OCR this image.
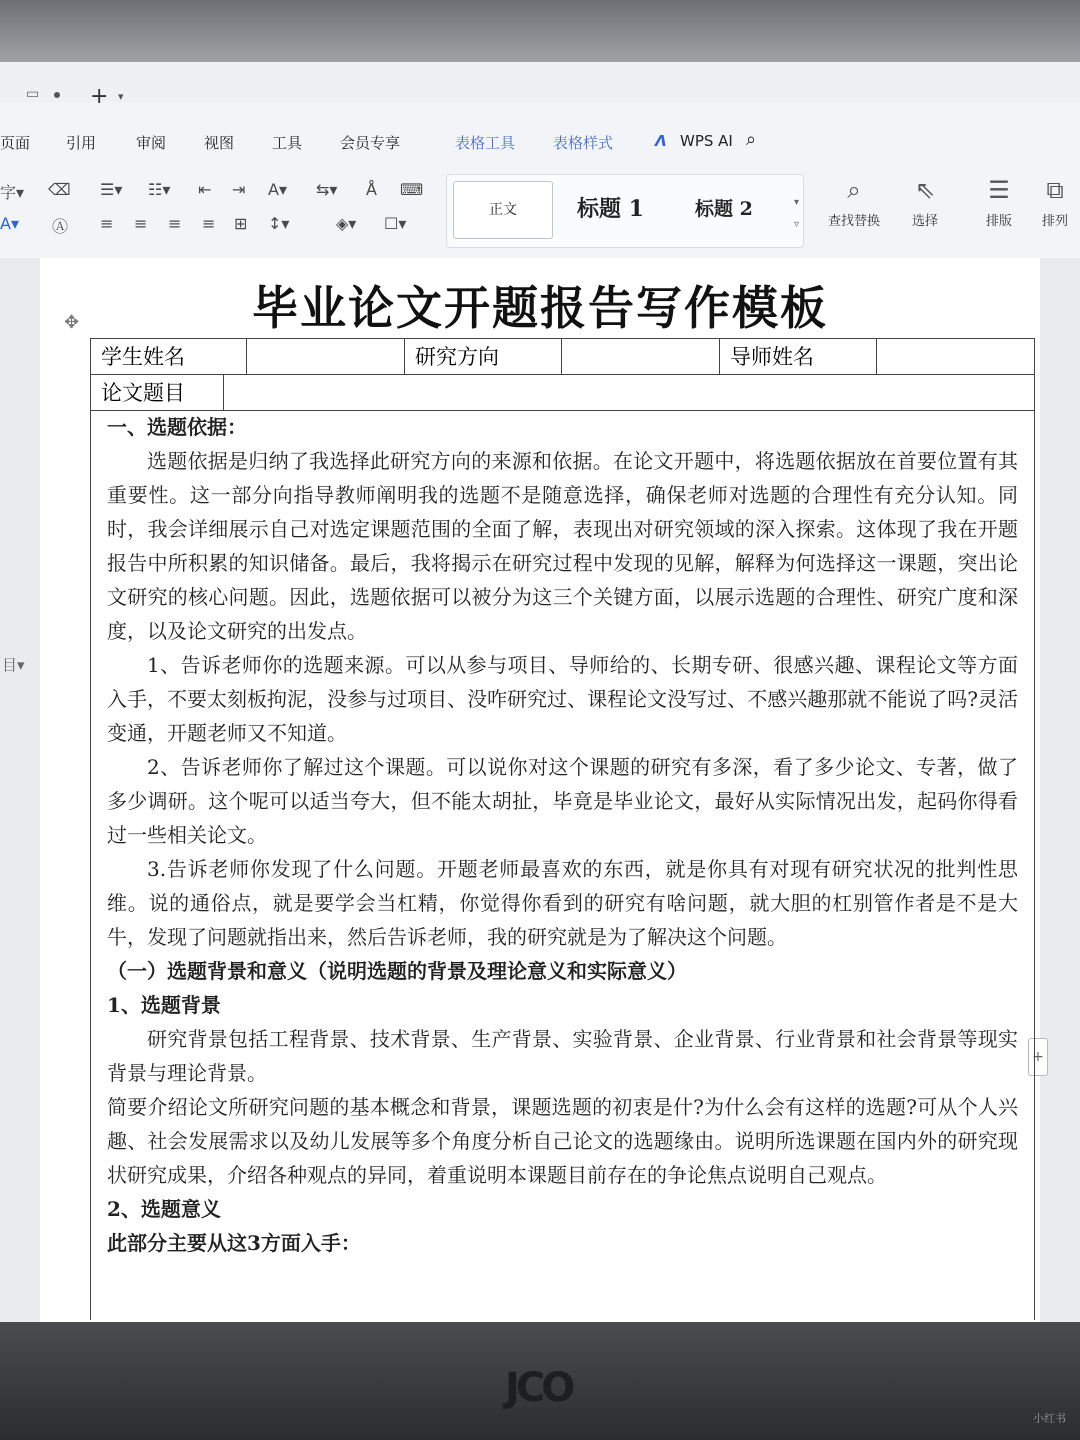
▭ + ▾
页面 引用	审阅	视图	工具	会员专享	表格工具	表格样式	Λ WPS AI ⌕
字▾ ⌫ ☰▾ ☷▾ ⇤ ⇥ A▾ ⇆▾ Å ⌨
A▾ Ⓐ ≡ ≡ ≡ ≡ ⊞ ↕▾	◈▾ ☐▾
正文	标题 1	标题 2	▾
▿
⌕
查找替换
⇖
选择
☰
排版
⧉
排列
✥
目▾
+
毕业论文开题报告写作模板
学生姓名	研究方向	导师姓名
论文题目

一、选题依据：

选题依据是归纳了我选择此研究方向的来源和依据。在论文开题中，将选题依据放在首要位置有其重要性。这一部分向指导教师阐明我的选题不是随意选择，确保老师对选题的合理性有充分认知。同时，我会详细展示自己对选定课题范围的全面了解，表现出对研究领域的深入探索。这体现了我在开题报告中所积累的知识储备。最后，我将揭示在研究过程中发现的见解，解释为何选择这一课题，突出论文研究的核心问题。因此，选题依据可以被分为这三个关键方面，以展示选题的合理性、研究广度和深度，以及论文研究的出发点。

1、告诉老师你的选题来源。可以从参与项目、导师给的、长期专研、很感兴趣、课程论文等方面入手，不要太刻板拘泥，没参与过项目、没咋研究过、课程论文没写过、不感兴趣那就不能说了吗?灵活变通，开题老师又不知道。

2、告诉老师你了解过这个课题。可以说你对这个课题的研究有多深，看了多少论文、专著，做了多少调研。这个呢可以适当夸大，但不能太胡扯，毕竟是毕业论文，最好从实际情况出发，起码你得看过一些相关论文。

3.告诉老师你发现了什么问题。开题老师最喜欢的东西，就是你具有对现有研究状况的批判性思维。说的通俗点，就是要学会当杠精，你觉得你看到的研究有啥问题，就大胆的杠别管作者是不是大牛，发现了问题就指出来，然后告诉老师，我的研究就是为了解决这个问题。

（一）选题背景和意义（说明选题的背景及理论意义和实际意义）

1、选题背景

研究背景包括工程背景、技术背景、生产背景、实验背景、企业背景、行业背景和社会背景等现实背景与理论背景。

简要介绍论文所研究问题的基本概念和背景，课题选题的初衷是什?为什么会有这样的选题?可从个人兴趣、社会发展需求以及幼儿发展等多个角度分析自己论文的选题缘由。说明所选课题在国内外的研究现状研究成果，介绍各种观点的异同，着重说明本课题目前存在的争论焦点说明自己观点。

2、选题意义

此部分主要从这3方面入手：

JCO
小红书
